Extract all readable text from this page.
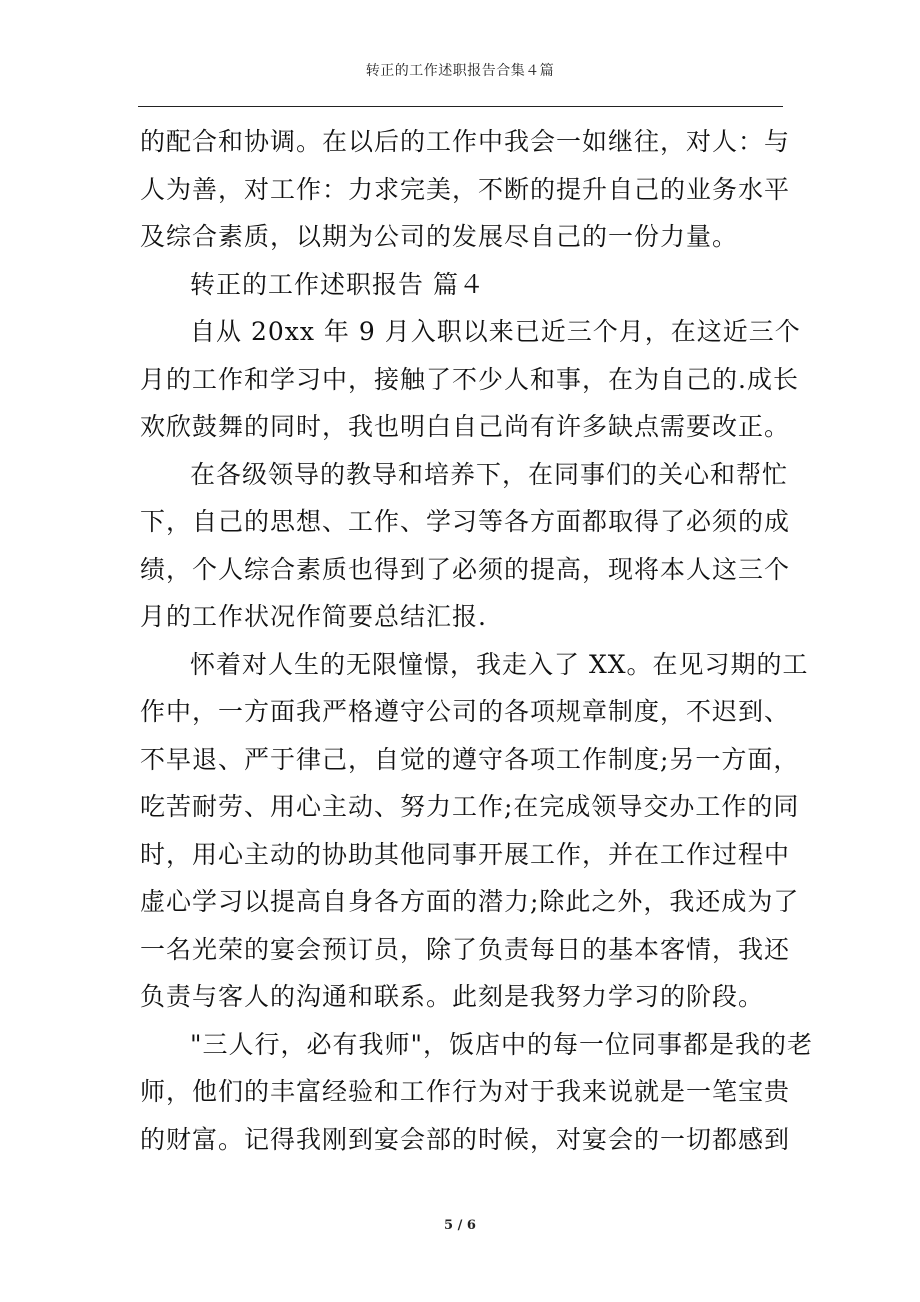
转正的工作述职报告合集４篇

的配合和协调。在以后的工作中我会一如继往，对人：与

人为善，对工作：力求完美，不断的提升自己的业务水平

及综合素质，以期为公司的发展尽自己的一份力量。

转正的工作述职报告 篇４

自从 20xx 年 9 月入职以来已近三个月，在这近三个

月的工作和学习中，接触了不少人和事，在为自己的.成长

欢欣鼓舞的同时，我也明白自己尚有许多缺点需要改正。

在各级领导的教导和培养下，在同事们的关心和帮忙

下，自己的思想、工作、学习等各方面都取得了必须的成

绩，个人综合素质也得到了必须的提高，现将本人这三个

月的工作状况作简要总结汇报.

怀着对人生的无限憧憬，我走入了 XX。在见习期的工

作中，一方面我严格遵守公司的各项规章制度，不迟到、

不早退、严于律己，自觉的遵守各项工作制度;另一方面，

吃苦耐劳、用心主动、努力工作;在完成领导交办工作的同

时，用心主动的协助其他同事开展工作，并在工作过程中

虚心学习以提高自身各方面的潜力;除此之外，我还成为了

一名光荣的宴会预订员，除了负责每日的基本客情，我还

负责与客人的沟通和联系。此刻是我努力学习的阶段。

"三人行，必有我师"，饭店中的每一位同事都是我的老

师，他们的丰富经验和工作行为对于我来说就是一笔宝贵

的财富。记得我刚到宴会部的时候，对宴会的一切都感到

5 / 6
